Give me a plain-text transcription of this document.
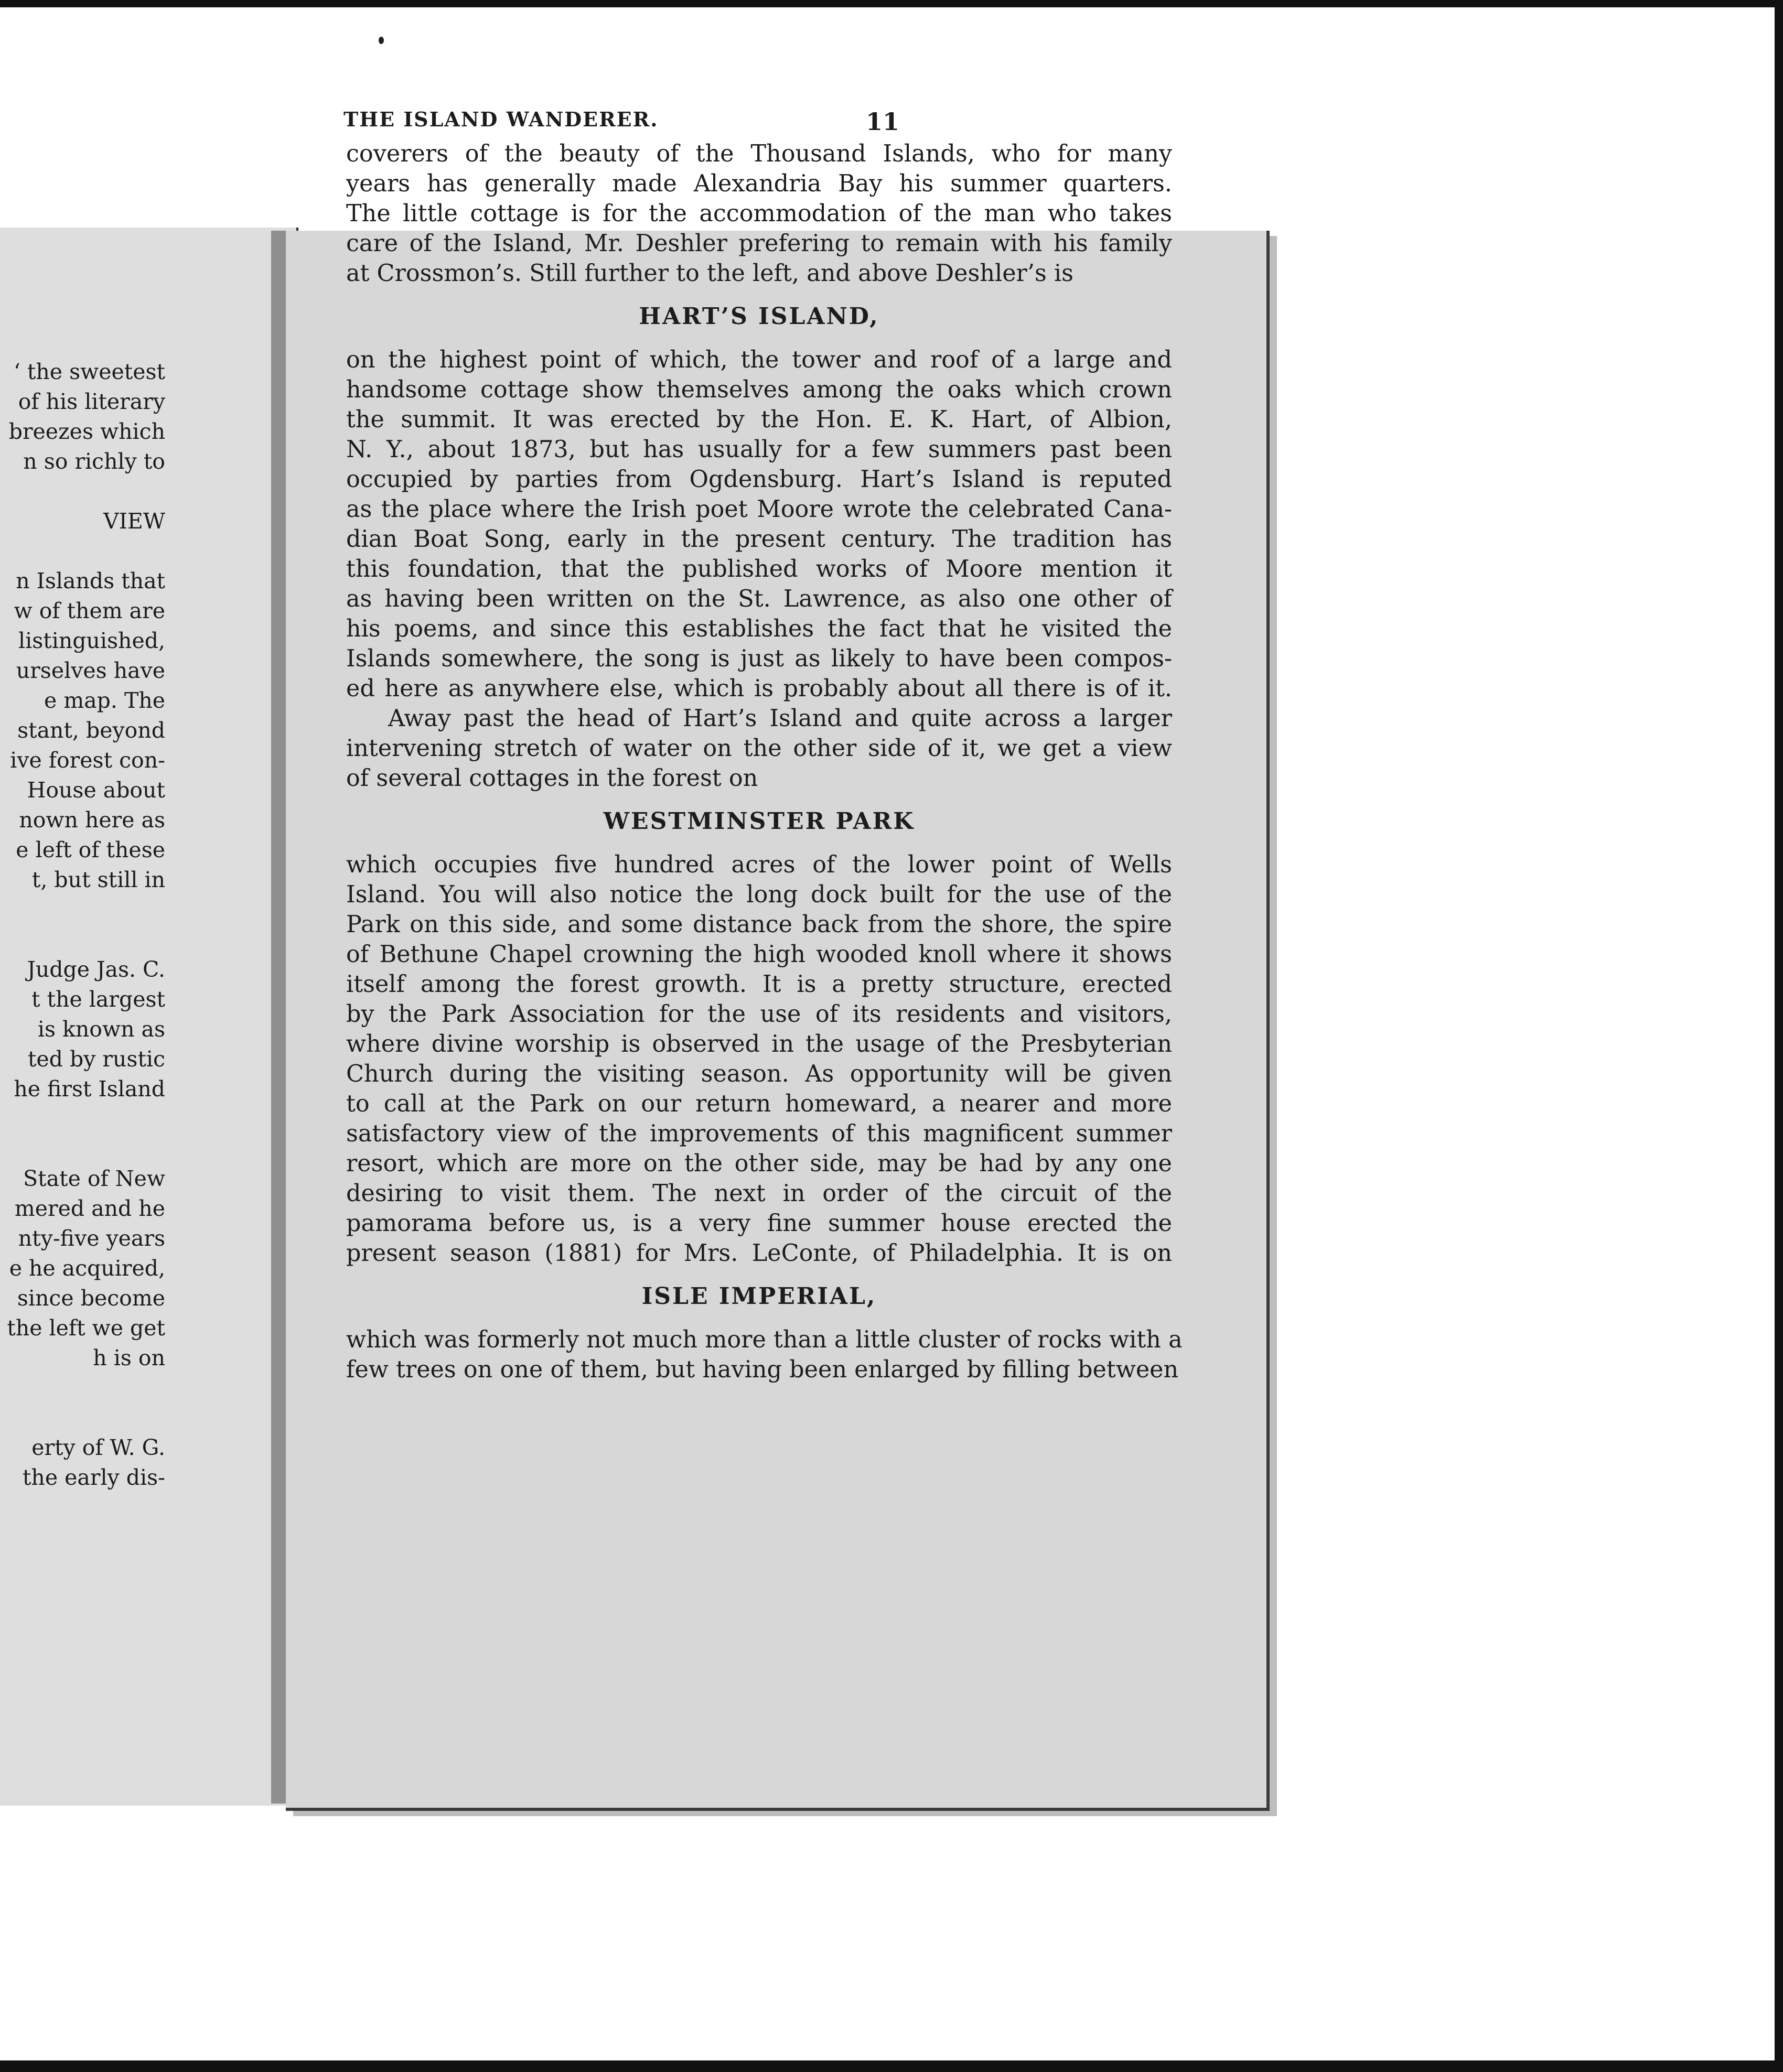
‘ the sweetest
of his literary
breezes which
n so richly to
VIEW
n Islands that
w of them are
listinguished,
urselves have
e map. The
stant, beyond
ive forest con-
House about
nown here as
e left of these
t, but still in
Judge Jas. C.
t the largest
is known as
ted by rustic
he first Island
State of New
mered and he
nty-five years
e he acquired,
since become
the left we get
h is on
erty of W. G.
the early dis-
THE ISLAND WANDERER.	11
coverers of the beauty of the Thousand Islands, who for many
years has generally made Alexandria Bay his summer quarters.
The little cottage is for the accommodation of the man who takes
care of the Island, Mr. Deshler prefering to remain with his family
at Crossmon’s. Still further to the left, and above Deshler’s is
HART’S ISLAND,
on the highest point of which, the tower and roof of a large and
handsome cottage show themselves among the oaks which crown
the summit. It was erected by the Hon. E. K. Hart, of Albion,
N. Y., about 1873, but has usually for a few summers past been
occupied by parties from Ogdensburg. Hart’s Island is reputed
as the place where the Irish poet Moore wrote the celebrated Cana-
dian Boat Song, early in the present century. The tradition has
this foundation, that the published works of Moore mention it
as having been written on the St. Lawrence, as also one other of
his poems, and since this establishes the fact that he visited the
Islands somewhere, the song is just as likely to have been compos-
ed here as anywhere else, which is probably about all there is of it.
Away past the head of Hart’s Island and quite across a larger
intervening stretch of water on the other side of it, we get a view
of several cottages in the forest on
WESTMINSTER PARK
which occupies five hundred acres of the lower point of Wells
Island. You will also notice the long dock built for the use of the
Park on this side, and some distance back from the shore, the spire
of Bethune Chapel crowning the high wooded knoll where it shows
itself among the forest growth. It is a pretty structure, erected
by the Park Association for the use of its residents and visitors,
where divine worship is observed in the usage of the Presbyterian
Church during the visiting season. As opportunity will be given
to call at the Park on our return homeward, a nearer and more
satisfactory view of the improvements of this magnificent summer
resort, which are more on the other side, may be had by any one
desiring to visit them. The next in order of the circuit of the
pamorama before us, is a very fine summer house erected the
present season (1881) for Mrs. LeConte, of Philadelphia. It is on
ISLE IMPERIAL,
which was formerly not much more than a little cluster of rocks with a
few trees on one of them, but having been enlarged by filling between
